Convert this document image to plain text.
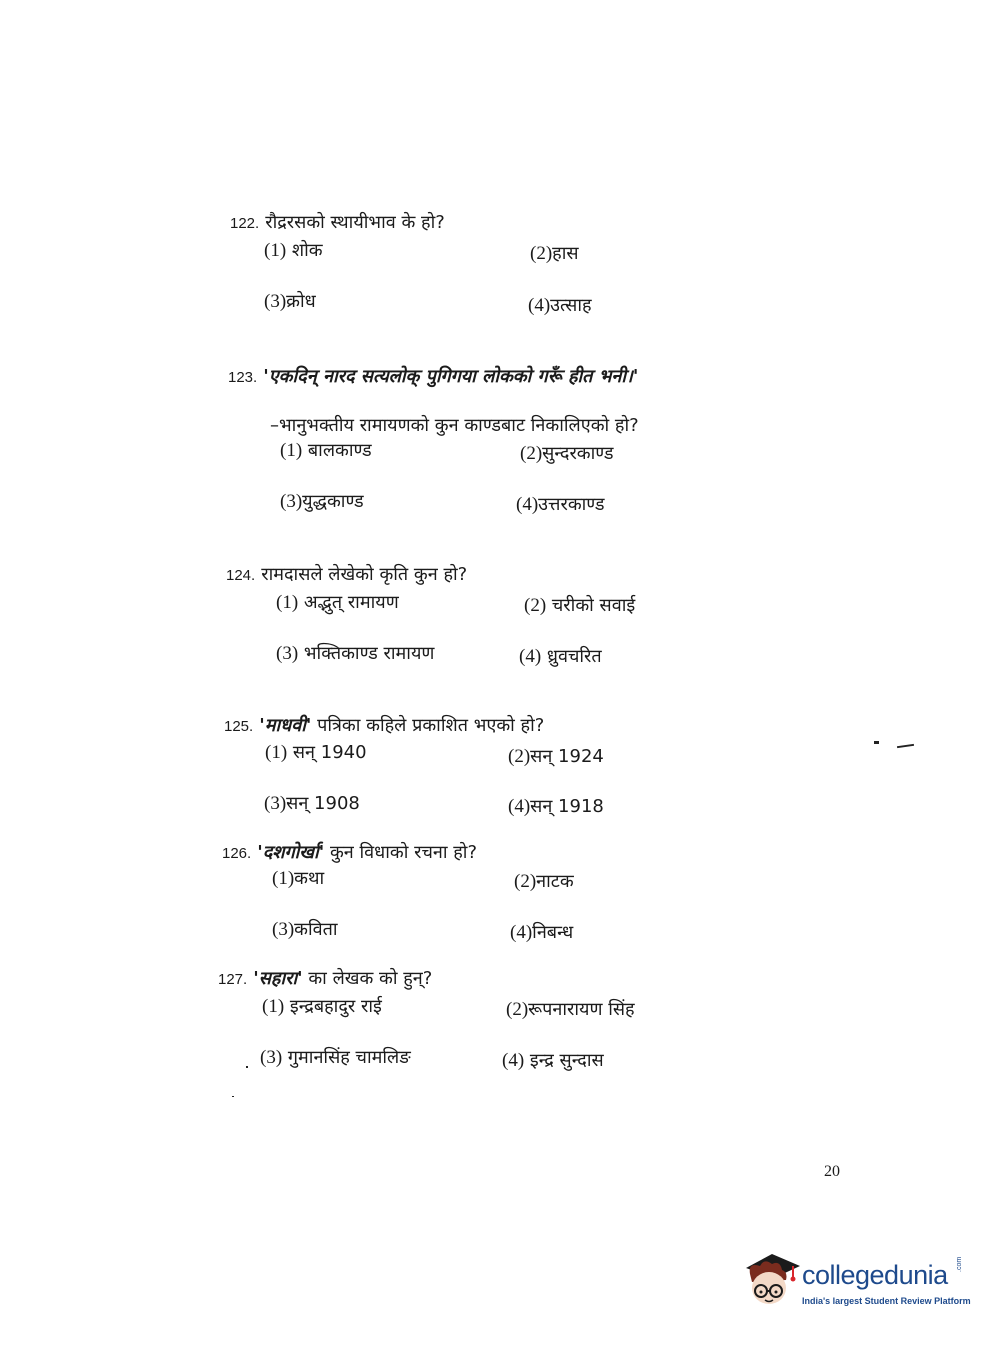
122. रौद्ररसको स्थायीभाव के हो?
(1) शोक	(2)हास
(3)क्रोध	(4)उत्साह
123. 'एकदिन् नारद सत्यलोक् पुगिगया लोकको गरूँ हीत भनी।'
–भानुभक्तीय रामायणको कुन काण्डबाट निकालिएको हो?
(1) बालकाण्ड	(2)सुन्दरकाण्ड
(3)युद्धकाण्ड	(4)उत्तरकाण्ड
124. रामदासले लेखेको कृति कुन हो?
(1) अद्भुत् रामायण	(2) चरीको सवाई
(3) भक्तिकाण्ड रामायण	(4) ध्रुवचरित
125. 'माधवी' पत्रिका कहिले प्रकाशित भएको हो?
(1) सन् 1940	(2)सन् 1924
(3)सन् 1908	(4)सन् 1918
126. 'दशगोर्खा' कुन विधाको रचना हो?
(1)कथा	(2)नाटक
(3)कविता	(4)निबन्ध
127. 'सहारा' का लेखक को हुन्?
(1) इन्द्रबहादुर राई	(2)रूपनारायण सिंह
(3) गुमानसिंह चामलिङ	(4) इन्द्र सुन्दास
20
collegedunia .com
India's largest Student Review Platform
